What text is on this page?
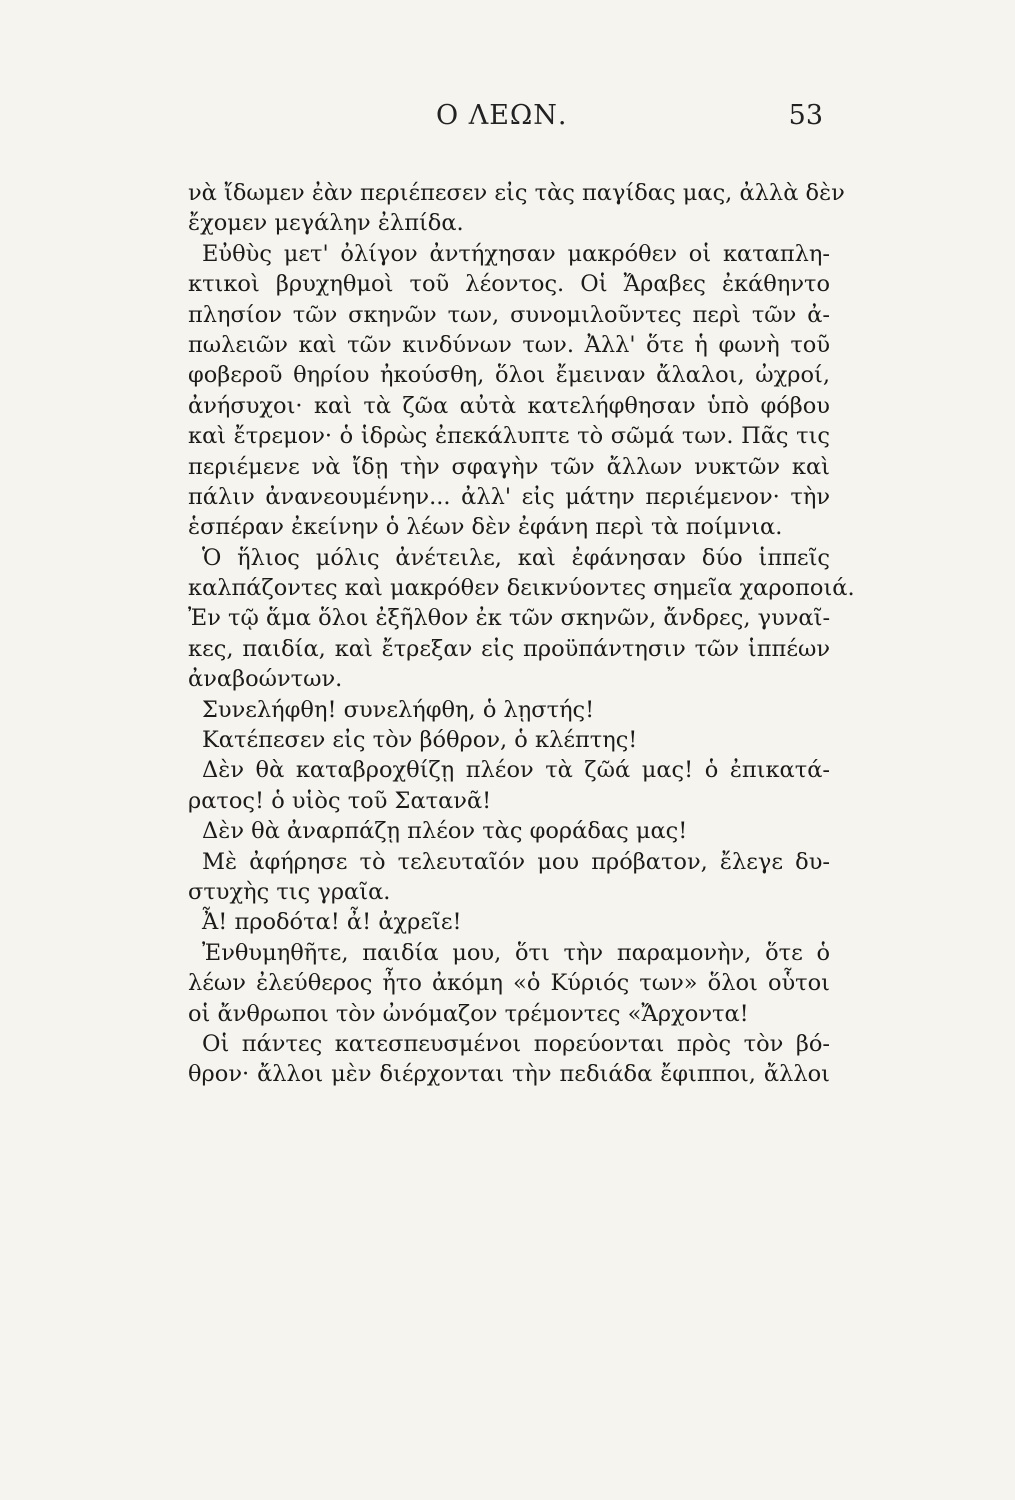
Ο ΛΕΩΝ.	53
νὰ ἴδωμεν ἐὰν περιέπεσεν εἰς τὰς παγίδας μας, ἀλλὰ δὲν
ἔχομεν μεγάλην ἐλπίδα.
Εὐθὺς μετ' ὀλίγον ἀντήχησαν μακρόθεν οἱ καταπλη-
κτικοὶ βρυχηθμοὶ τοῦ λέοντος. Οἱ Ἄραβες ἐκάθηντο
πλησίον τῶν σκηνῶν των, συνομιλοῦντες περὶ τῶν ἀ-
πωλειῶν καὶ τῶν κινδύνων των. Ἀλλ' ὅτε ἡ φωνὴ τοῦ
φοβεροῦ θηρίου ἠκούσθη, ὅλοι ἔμειναν ἄλαλοι, ὠχροί,
ἀνήσυχοι· καὶ τὰ ζῶα αὐτὰ κατελήφθησαν ὑπὸ φόβου
καὶ ἔτρεμον· ὁ ἱδρὼς ἐπεκάλυπτε τὸ σῶμά των. Πᾶς τις
περιέμενε νὰ ἴδῃ τὴν σφαγὴν τῶν ἄλλων νυκτῶν καὶ
πάλιν ἀνανεουμένην... ἀλλ' εἰς μάτην περιέμενον· τὴν
ἑσπέραν ἐκείνην ὁ λέων δὲν ἐφάνη περὶ τὰ ποίμνια.
Ὁ ἥλιος μόλις ἀνέτειλε, καὶ ἐφάνησαν δύο ἱππεῖς
καλπάζοντες καὶ μακρόθεν δεικνύοντες σημεῖα χαροποιά.
Ἐν τῷ ἅμα ὅλοι ἐξῆλθον ἐκ τῶν σκηνῶν, ἄνδρες, γυναῖ-
κες, παιδία, καὶ ἔτρεξαν εἰς προϋπάντησιν τῶν ἱππέων
ἀναβοώντων.
Συνελήφθη! συνελήφθη, ὁ λῃστής!
Κατέπεσεν εἰς τὸν βόθρον, ὁ κλέπτης!
Δὲν θὰ καταβροχθίζῃ πλέον τὰ ζῶά μας! ὁ ἐπικατά-
ρατος! ὁ υἱὸς τοῦ Σατανᾶ!
Δὲν θὰ ἀναρπάζῃ πλέον τὰς φοράδας μας!
Μὲ ἀφήρησε τὸ τελευταῖόν μου πρόβατον, ἔλεγε δυ-
στυχὴς τις γραῖα.
Ἆ! προδότα! ἆ! ἀχρεῖε!
Ἐνθυμηθῆτε, παιδία μου, ὅτι τὴν παραμονὴν, ὅτε ὁ
λέων ἐλεύθερος ἦτο ἀκόμη «ὁ Κύριός των» ὅλοι οὗτοι
οἱ ἄνθρωποι τὸν ὠνόμαζον τρέμοντες «Ἄρχοντα!
Οἱ πάντες κατεσπευσμένοι πορεύονται πρὸς τὸν βό-
θρον· ἄλλοι μὲν διέρχονται τὴν πεδιάδα ἔφιπποι, ἄλλοι
